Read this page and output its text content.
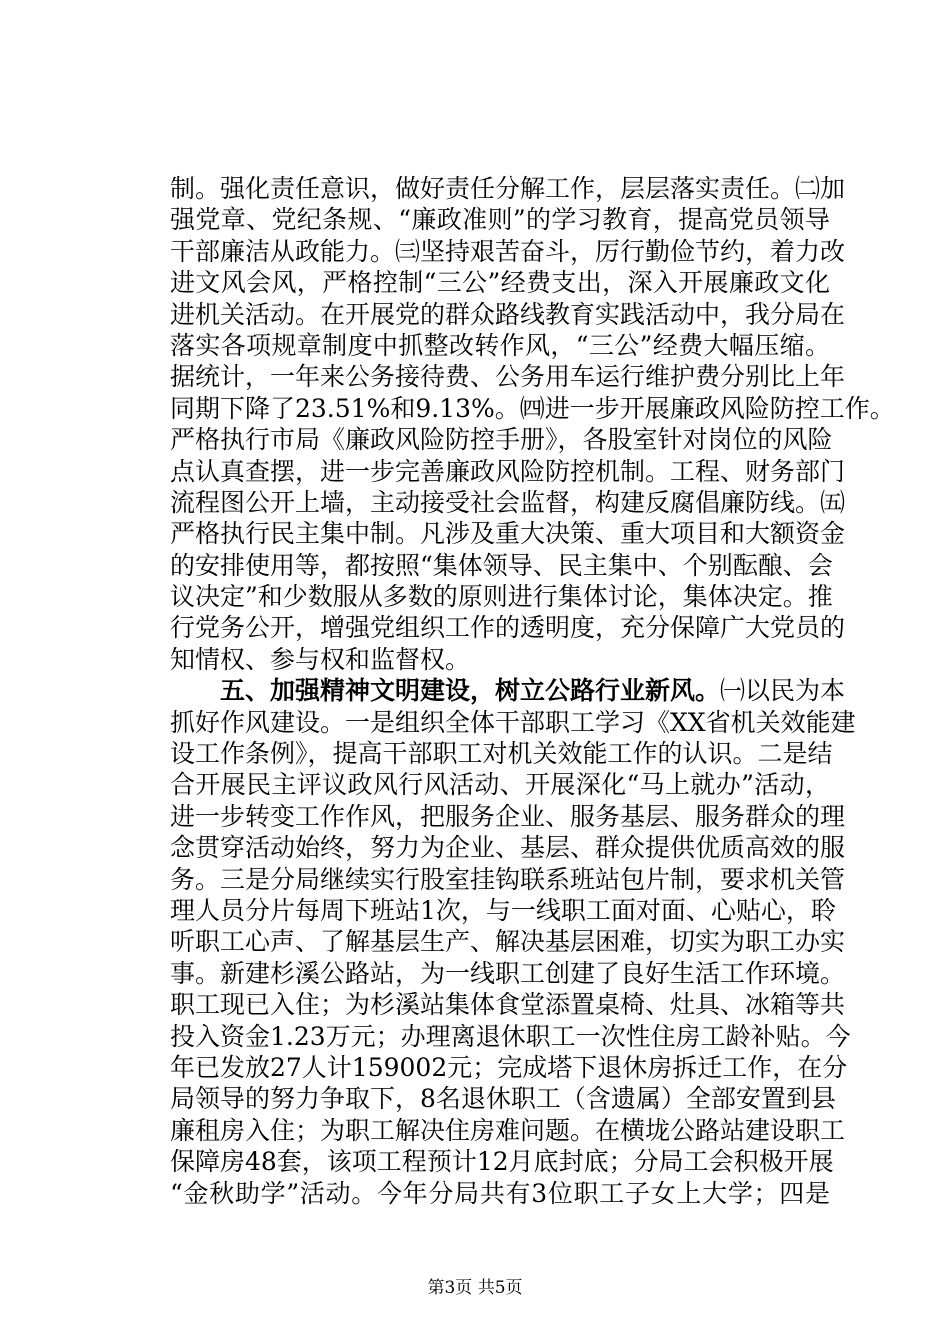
制。强化责任意识，做好责任分解工作，层层落实责任。㈡加
强党章、党纪条规、“廉政准则”的学习教育，提高党员领导
干部廉洁从政能力。㈢坚持艰苦奋斗，厉行勤俭节约，着力改
进文风会风，严格控制“三公”经费支出，深入开展廉政文化
进机关活动。在开展党的群众路线教育实践活动中，我分局在
落实各项规章制度中抓整改转作风，“三公”经费大幅压缩。
据统计，一年来公务接待费、公务用车运行维护费分别比上年
同期下降了23.51%和9.13%。㈣进一步开展廉政风险防控工作。
严格执行市局《廉政风险防控手册》，各股室针对岗位的风险
点认真查摆，进一步完善廉政风险防控机制。工程、财务部门
流程图公开上墙，主动接受社会监督，构建反腐倡廉防线。㈤
严格执行民主集中制。凡涉及重大决策、重大项目和大额资金
的安排使用等，都按照“集体领导、民主集中、个别酝酿、会
议决定”和少数服从多数的原则进行集体讨论，集体决定。推
行党务公开，增强党组织工作的透明度，充分保障广大党员的
知情权、参与权和监督权。
五、加强精神文明建设，树立公路行业新风。㈠以民为本
抓好作风建设。一是组织全体干部职工学习《XX省机关效能建
设工作条例》，提高干部职工对机关效能工作的认识。二是结
合开展民主评议政风行风活动、开展深化“马上就办”活动，
进一步转变工作作风，把服务企业、服务基层、服务群众的理
念贯穿活动始终，努力为企业、基层、群众提供优质高效的服
务。三是分局继续实行股室挂钩联系班站包片制，要求机关管
理人员分片每周下班站1次，与一线职工面对面、心贴心，聆
听职工心声、了解基层生产、解决基层困难，切实为职工办实
事。新建杉溪公路站，为一线职工创建了良好生活工作环境。
职工现已入住；为杉溪站集体食堂添置桌椅、灶具、冰箱等共
投入资金1.23万元；办理离退休职工一次性住房工龄补贴。今
年已发放27人计159002元；完成塔下退休房拆迁工作，在分
局领导的努力争取下，8名退休职工（含遗属）全部安置到县
廉租房入住；为职工解决住房难问题。在横垅公路站建设职工
保障房48套，该项工程预计12月底封底；分局工会积极开展
“金秋助学”活动。今年分局共有3位职工子女上大学；四是
第3页 共5页
